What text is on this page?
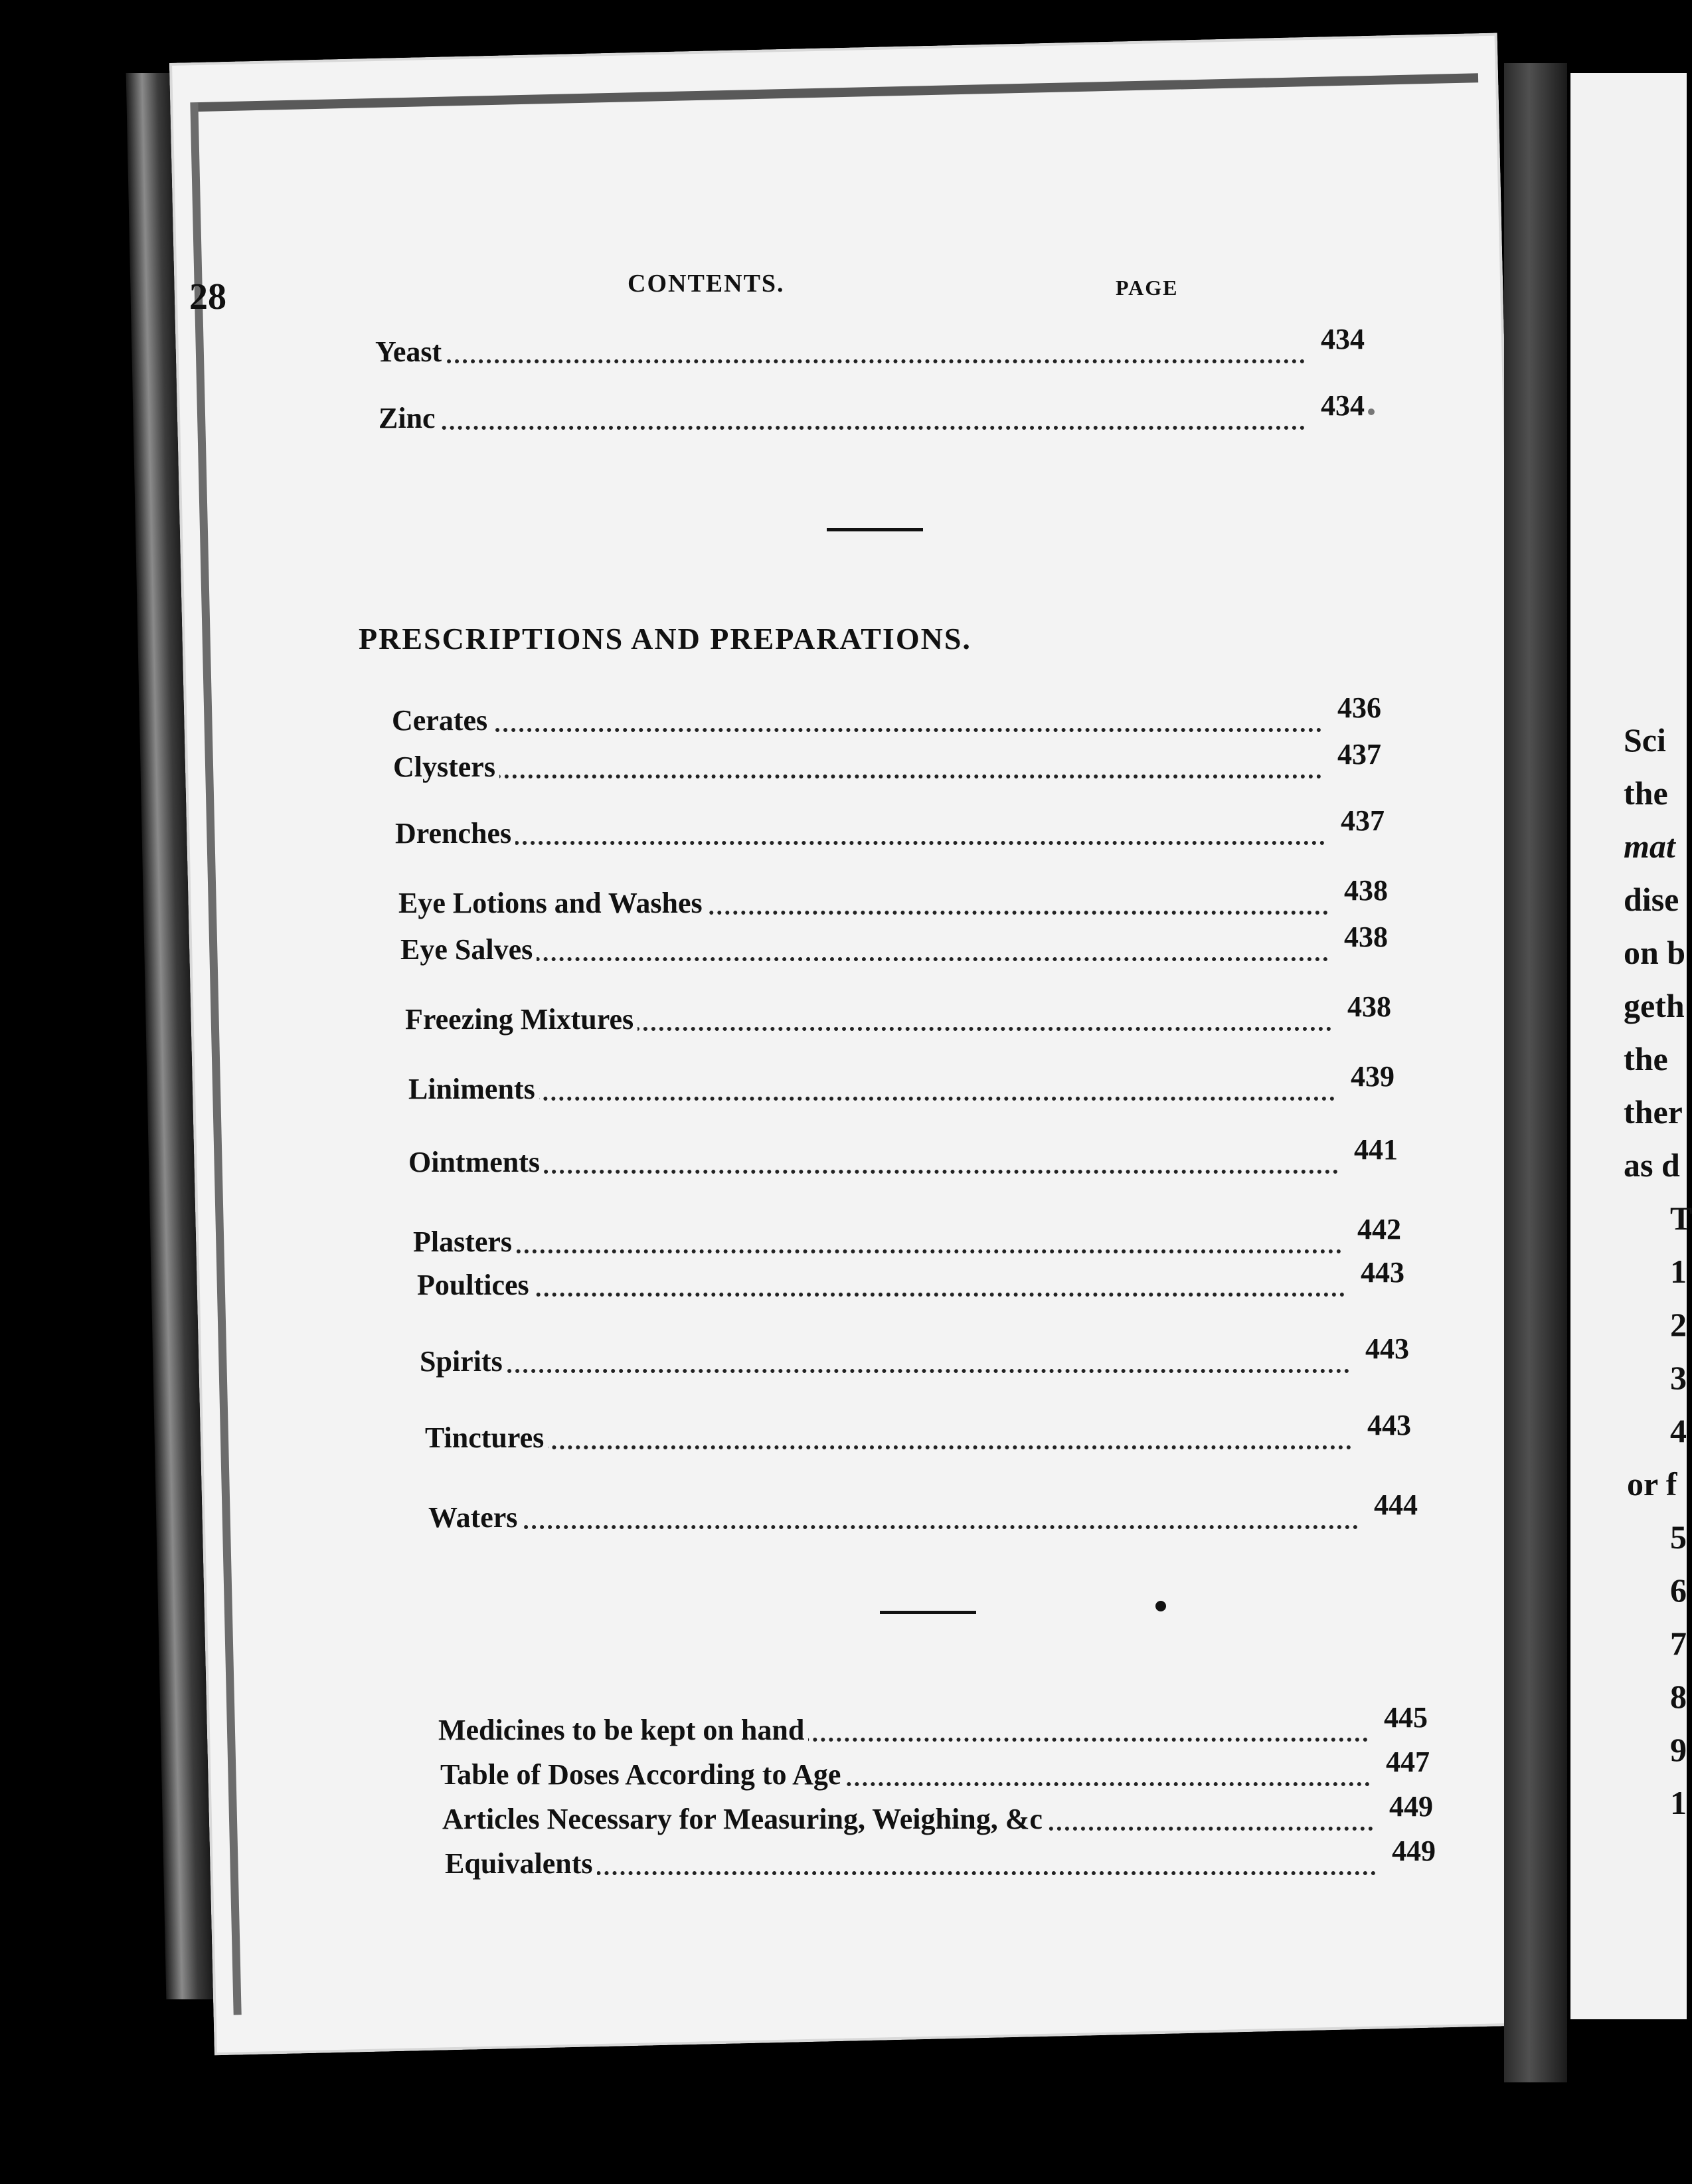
Sci
the
mat
dise
on b
geth
the
ther
as d
T
1
2
3
4
or f
5
6
7
8
9
1
28	CONTENTS.	PAGE
Yeast	434
Zinc	434
PRESCRIPTIONS AND PREPARATIONS.
Cerates	436
Clysters	437
Drenches	437
Eye Lotions and Washes	438
Eye Salves	438
Freezing Mixtures	438
Liniments	439
Ointments	441
Plasters	442
Poultices	443
Spirits	443
Tinctures	443
Waters	444
Medicines to be kept on hand	445
Table of Doses According to Age	447
Articles Necessary for Measuring, Weighing, &c	449
Equivalents	449
